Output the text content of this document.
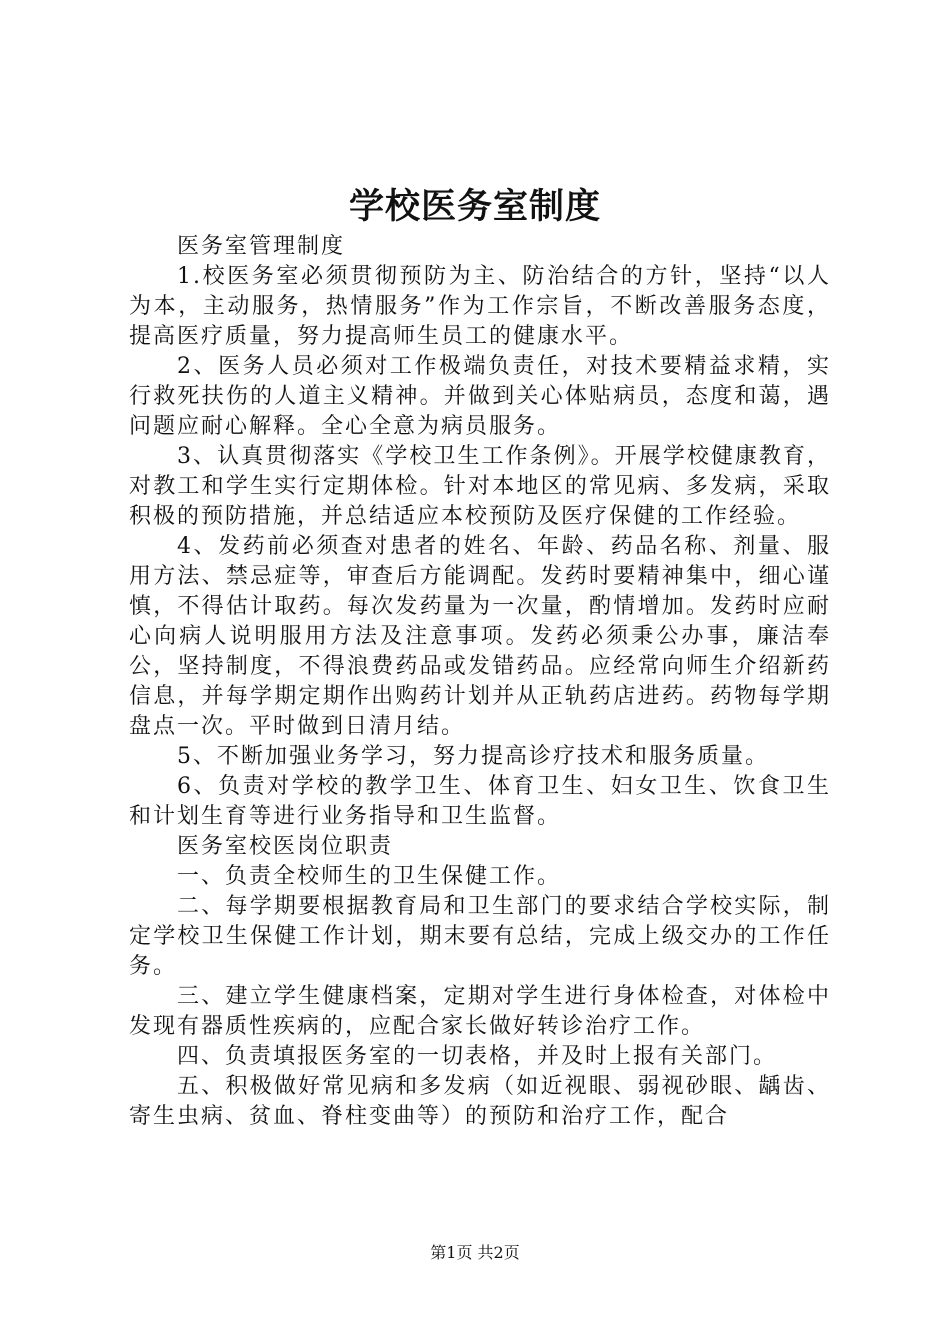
学校医务室制度

医务室管理制度

1.校医务室必须贯彻预防为主、防治结合的方针，坚持“以人为本，主动服务，热情服务”作为工作宗旨，不断改善服务态度，提高医疗质量，努力提高师生员工的健康水平。

2、医务人员必须对工作极端负责任，对技术要精益求精，实行救死扶伤的人道主义精神。并做到关心体贴病员，态度和蔼，遇问题应耐心解释。全心全意为病员服务。

3、认真贯彻落实《学校卫生工作条例》。开展学校健康教育，对教工和学生实行定期体检。针对本地区的常见病、多发病，采取积极的预防措施，并总结适应本校预防及医疗保健的工作经验。

4、发药前必须查对患者的姓名、年龄、药品名称、剂量、服用方法、禁忌症等，审查后方能调配。发药时要精神集中，细心谨慎，不得估计取药。每次发药量为一次量，酌情增加。发药时应耐心向病人说明服用方法及注意事项。发药必须秉公办事，廉洁奉公，坚持制度，不得浪费药品或发错药品。应经常向师生介绍新药信息，并每学期定期作出购药计划并从正轨药店进药。药物每学期盘点一次。平时做到日清月结。

5、不断加强业务学习，努力提高诊疗技术和服务质量。

6、负责对学校的教学卫生、体育卫生、妇女卫生、饮食卫生和计划生育等进行业务指导和卫生监督。

医务室校医岗位职责

一、负责全校师生的卫生保健工作。

二、每学期要根据教育局和卫生部门的要求结合学校实际，制定学校卫生保健工作计划，期末要有总结，完成上级交办的工作任务。

三、建立学生健康档案，定期对学生进行身体检查，对体检中发现有器质性疾病的，应配合家长做好转诊治疗工作。

四、负责填报医务室的一切表格，并及时上报有关部门。

五、积极做好常见病和多发病（如近视眼、弱视砂眼、龋齿、寄生虫病、贫血、脊柱变曲等）的预防和治疗工作，配合

第1页 共2页
